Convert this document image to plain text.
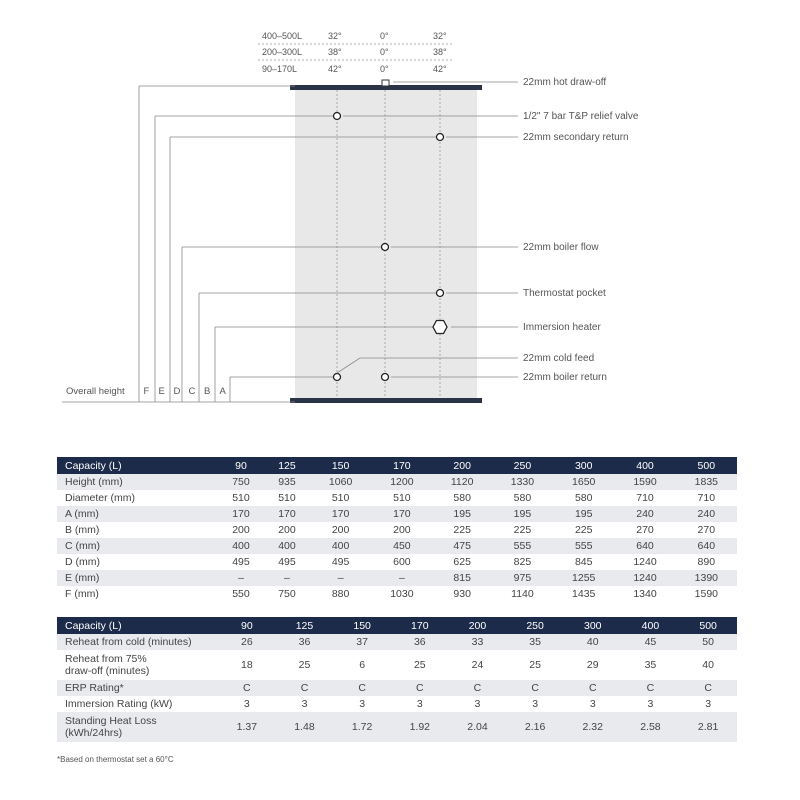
400–500L	32°	0°	32°
200–300L	38°	0°	38°
90–170L	42°	0°	42°
22mm hot draw-off
1/2" 7 bar T&P relief valve
22mm secondary return
22mm boiler flow
Thermostat pocket
Immersion heater
22mm cold feed
22mm boiler return
Overall height F E D C B A
Capacity (L)	90	125	150	170	200	250	300	400	500
Height (mm)	750	935	1060	1200	1120	1330	1650	1590	1835
Diameter (mm)	510	510	510	510	580	580	580	710	710
A (mm)	170	170	170	170	195	195	195	240	240
B (mm)	200	200	200	200	225	225	225	270	270
C (mm)	400	400	400	450	475	555	555	640	640
D (mm)	495	495	495	600	625	825	845	1240	890
E (mm)	–	–	–	–	815	975	1255	1240	1390
F (mm)	550	750	880	1030	930	1140	1435	1340	1590
Capacity (L)	90	125	150	170	200	250	300	400	500
Reheat from cold (minutes)	26	36	37	36	33	35	40	45	50
Reheat from 75%
draw-off (minutes)	18	25	6	25	24	25	29	35	40
ERP Rating*	C	C	C	C	C	C	C	C	C
Immersion Rating (kW)	3	3	3	3	3	3	3	3	3
Standing Heat Loss
(kWh/24hrs)	1.37	1.48	1.72	1.92	2.04	2.16	2.32	2.58	2.81
*Based on thermostat set a 60°C
